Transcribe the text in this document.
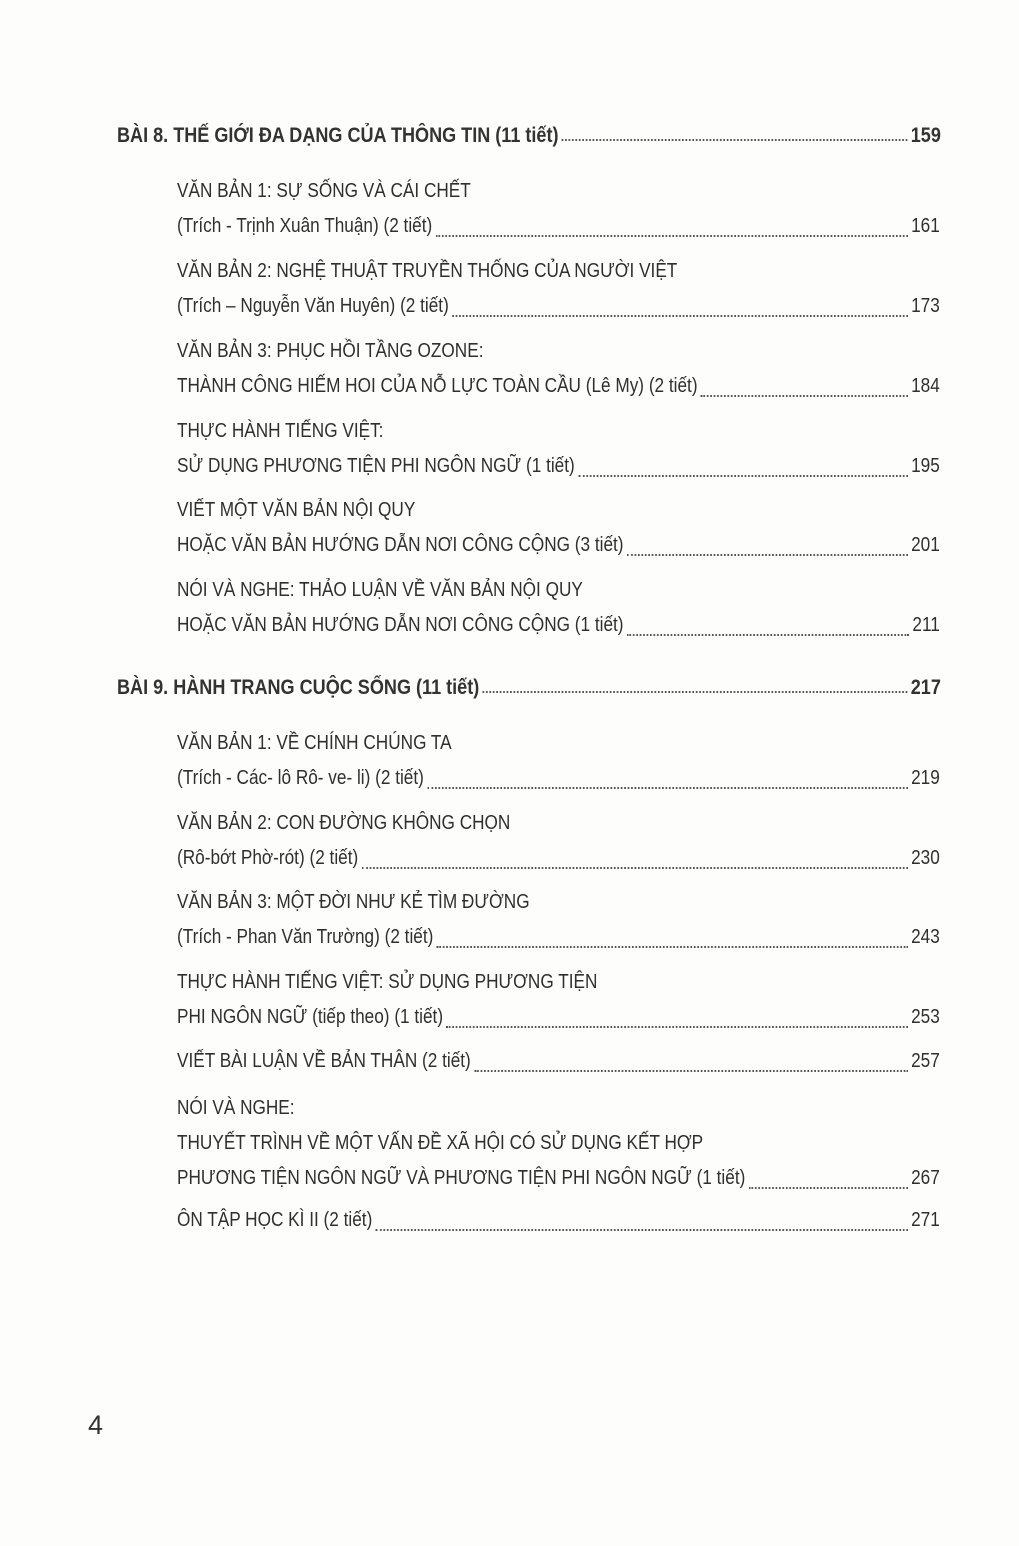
BÀI 8. THẾ GIỚI ĐA DẠNG CỦA THÔNG TIN (11 tiết)	159
VĂN BẢN 1: SỰ SỐNG VÀ CÁI CHẾT
(Trích - Trịnh Xuân Thuận) (2 tiết)	161
VĂN BẢN 2: NGHỆ THUẬT TRUYỀN THỐNG CỦA NGƯỜI VIỆT
(Trích – Nguyễn Văn Huyên) (2 tiết)	173
VĂN BẢN 3: PHỤC HỒI TẦNG OZONE:
THÀNH CÔNG HIẾM HOI CỦA NỖ LỰC TOÀN CẦU (Lê My) (2 tiết)	184
THỰC HÀNH TIẾNG VIỆT:
SỬ DỤNG PHƯƠNG TIỆN PHI NGÔN NGỮ (1 tiết)	195
VIẾT MỘT VĂN BẢN NỘI QUY
HOẶC VĂN BẢN HƯỚNG DẪN NƠI CÔNG CỘNG (3 tiết)	201
NÓI VÀ NGHE: THẢO LUẬN VỀ VĂN BẢN NỘI QUY
HOẶC VĂN BẢN HƯỚNG DẪN NƠI CÔNG CỘNG (1 tiết)	211
BÀI 9. HÀNH TRANG CUỘC SỐNG (11 tiết)	217
VĂN BẢN 1: VỀ CHÍNH CHÚNG TA
(Trích - Các- lô Rô- ve- li) (2 tiết)	219
VĂN BẢN 2: CON ĐƯỜNG KHÔNG CHỌN
(Rô-bớt Phờ-rót) (2 tiết)	230
VĂN BẢN 3: MỘT ĐỜI NHƯ KẺ TÌM ĐƯỜNG
(Trích - Phan Văn Trường) (2 tiết)	243
THỰC HÀNH TIẾNG VIỆT: SỬ DỤNG PHƯƠNG TIỆN
PHI NGÔN NGỮ (tiếp theo) (1 tiết)	253
VIẾT BÀI LUẬN VỀ BẢN THÂN (2 tiết)	257
NÓI VÀ NGHE:
THUYẾT TRÌNH VỀ MỘT VẤN ĐỀ XÃ HỘI CÓ SỬ DỤNG KẾT HỢP
PHƯƠNG TIỆN NGÔN NGỮ VÀ PHƯƠNG TIỆN PHI NGÔN NGỮ (1 tiết)	267
ÔN TẬP HỌC KÌ II (2 tiết)	271
4
